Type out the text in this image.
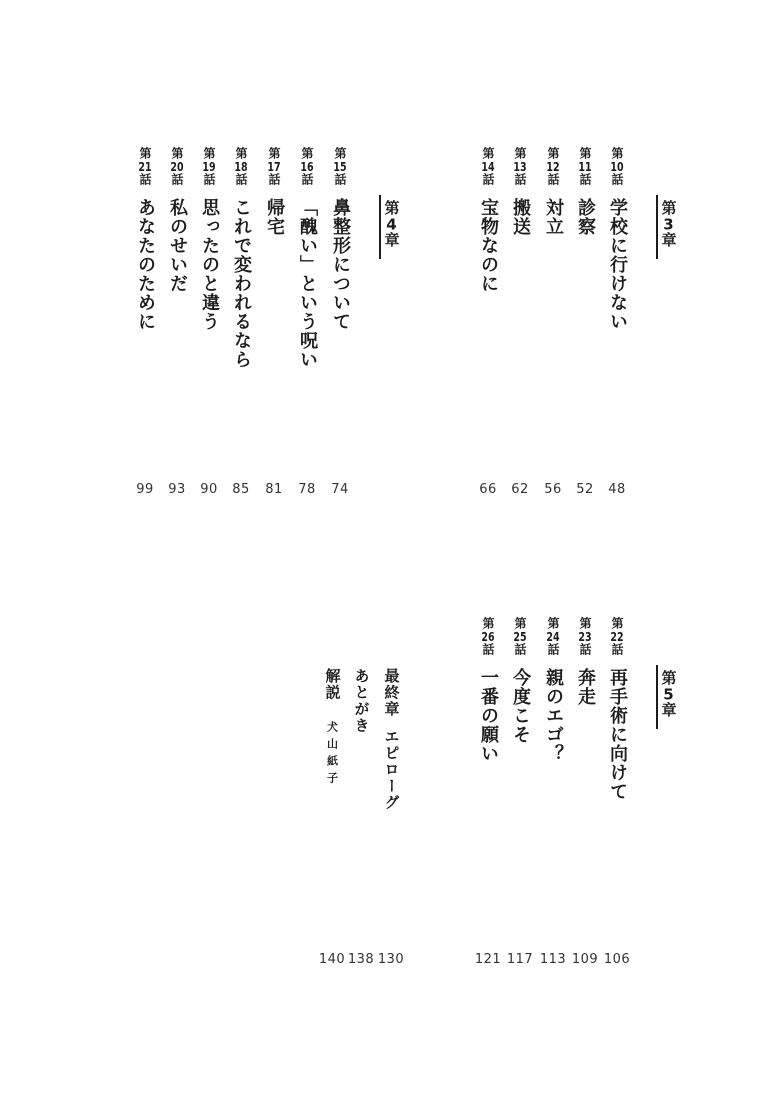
第3章
第10話
学校に行けない
48
第11話
診察
52
第12話
対立
56
第13話
搬送
62
第14話
宝物なのに
66
第4章
第15話
鼻整形について
74
第16話
「醜い」という呪い
78
第17話
帰宅
81
第18話
これで変われるなら
85
第19話
思ったのと違う
90
第20話
私のせいだ
93
第21話
あなたのために
99
第5章
第22話
再手術に向けて
106
第23話
奔走
109
第24話
親のエゴ？
113
第25話
今度こそ
117
第26話
一番の願い
121
最終章 エピローグ
130
あとがき
138
解説
犬山紙子
140
